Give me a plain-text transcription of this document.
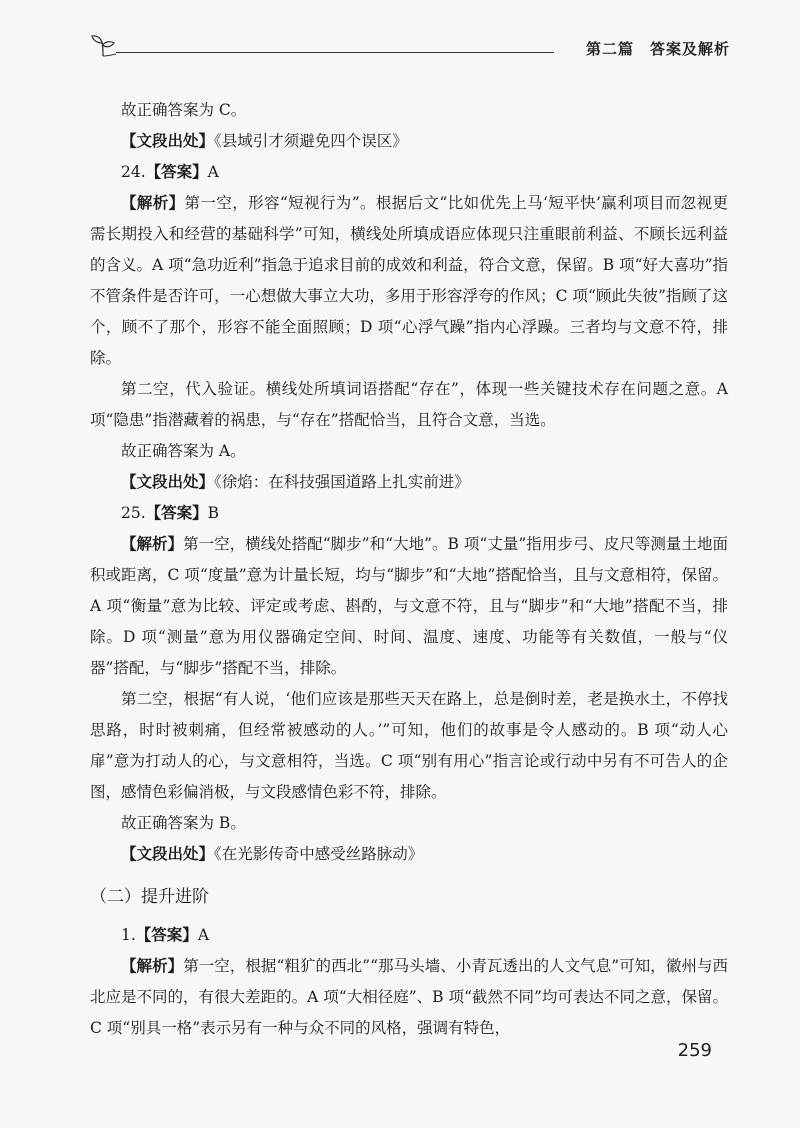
第二篇　答案及解析

故正确答案为 C。

【文段出处】《县域引才须避免四个误区》

24.【答案】A

【解析】第一空，形容“短视行为”。根据后文“比如优先上马‘短平快’赢利项目而忽视更需长期投入和经营的基础科学”可知，横线处所填成语应体现只注重眼前利益、不顾长远利益的含义。A 项“急功近利”指急于追求目前的成效和利益，符合文意，保留。B 项“好大喜功”指不管条件是否许可，一心想做大事立大功，多用于形容浮夸的作风；C 项“顾此失彼”指顾了这个，顾不了那个，形容不能全面照顾；D 项“心浮气躁”指内心浮躁。三者均与文意不符，排除。

第二空，代入验证。横线处所填词语搭配“存在”，体现一些关键技术存在问题之意。A 项“隐患”指潜藏着的祸患，与“存在”搭配恰当，且符合文意，当选。

故正确答案为 A。

【文段出处】《徐焰：在科技强国道路上扎实前进》

25.【答案】B

【解析】第一空，横线处搭配“脚步”和“大地”。B 项“丈量”指用步弓、皮尺等测量土地面积或距离，C 项“度量”意为计量长短，均与“脚步”和“大地”搭配恰当，且与文意相符，保留。A 项“衡量”意为比较、评定或考虑、斟酌，与文意不符，且与“脚步”和“大地”搭配不当，排除。D 项“测量”意为用仪器确定空间、时间、温度、速度、功能等有关数值，一般与“仪器”搭配，与“脚步”搭配不当，排除。

第二空，根据“有人说，‘他们应该是那些天天在路上，总是倒时差，老是换水土，不停找思路，时时被刺痛，但经常被感动的人。’”可知，他们的故事是令人感动的。B 项“动人心扉”意为打动人的心，与文意相符，当选。C 项“别有用心”指言论或行动中另有不可告人的企图，感情色彩偏消极，与文段感情色彩不符，排除。

故正确答案为 B。

【文段出处】《在光影传奇中感受丝路脉动》

（二）提升进阶

1.【答案】A

【解析】第一空，根据“粗犷的西北”“那马头墙、小青瓦透出的人文气息”可知，徽州与西北应是不同的，有很大差距的。A 项“大相径庭”、B 项“截然不同”均可表达不同之意，保留。C 项“别具一格”表示另有一种与众不同的风格，强调有特色，

259
